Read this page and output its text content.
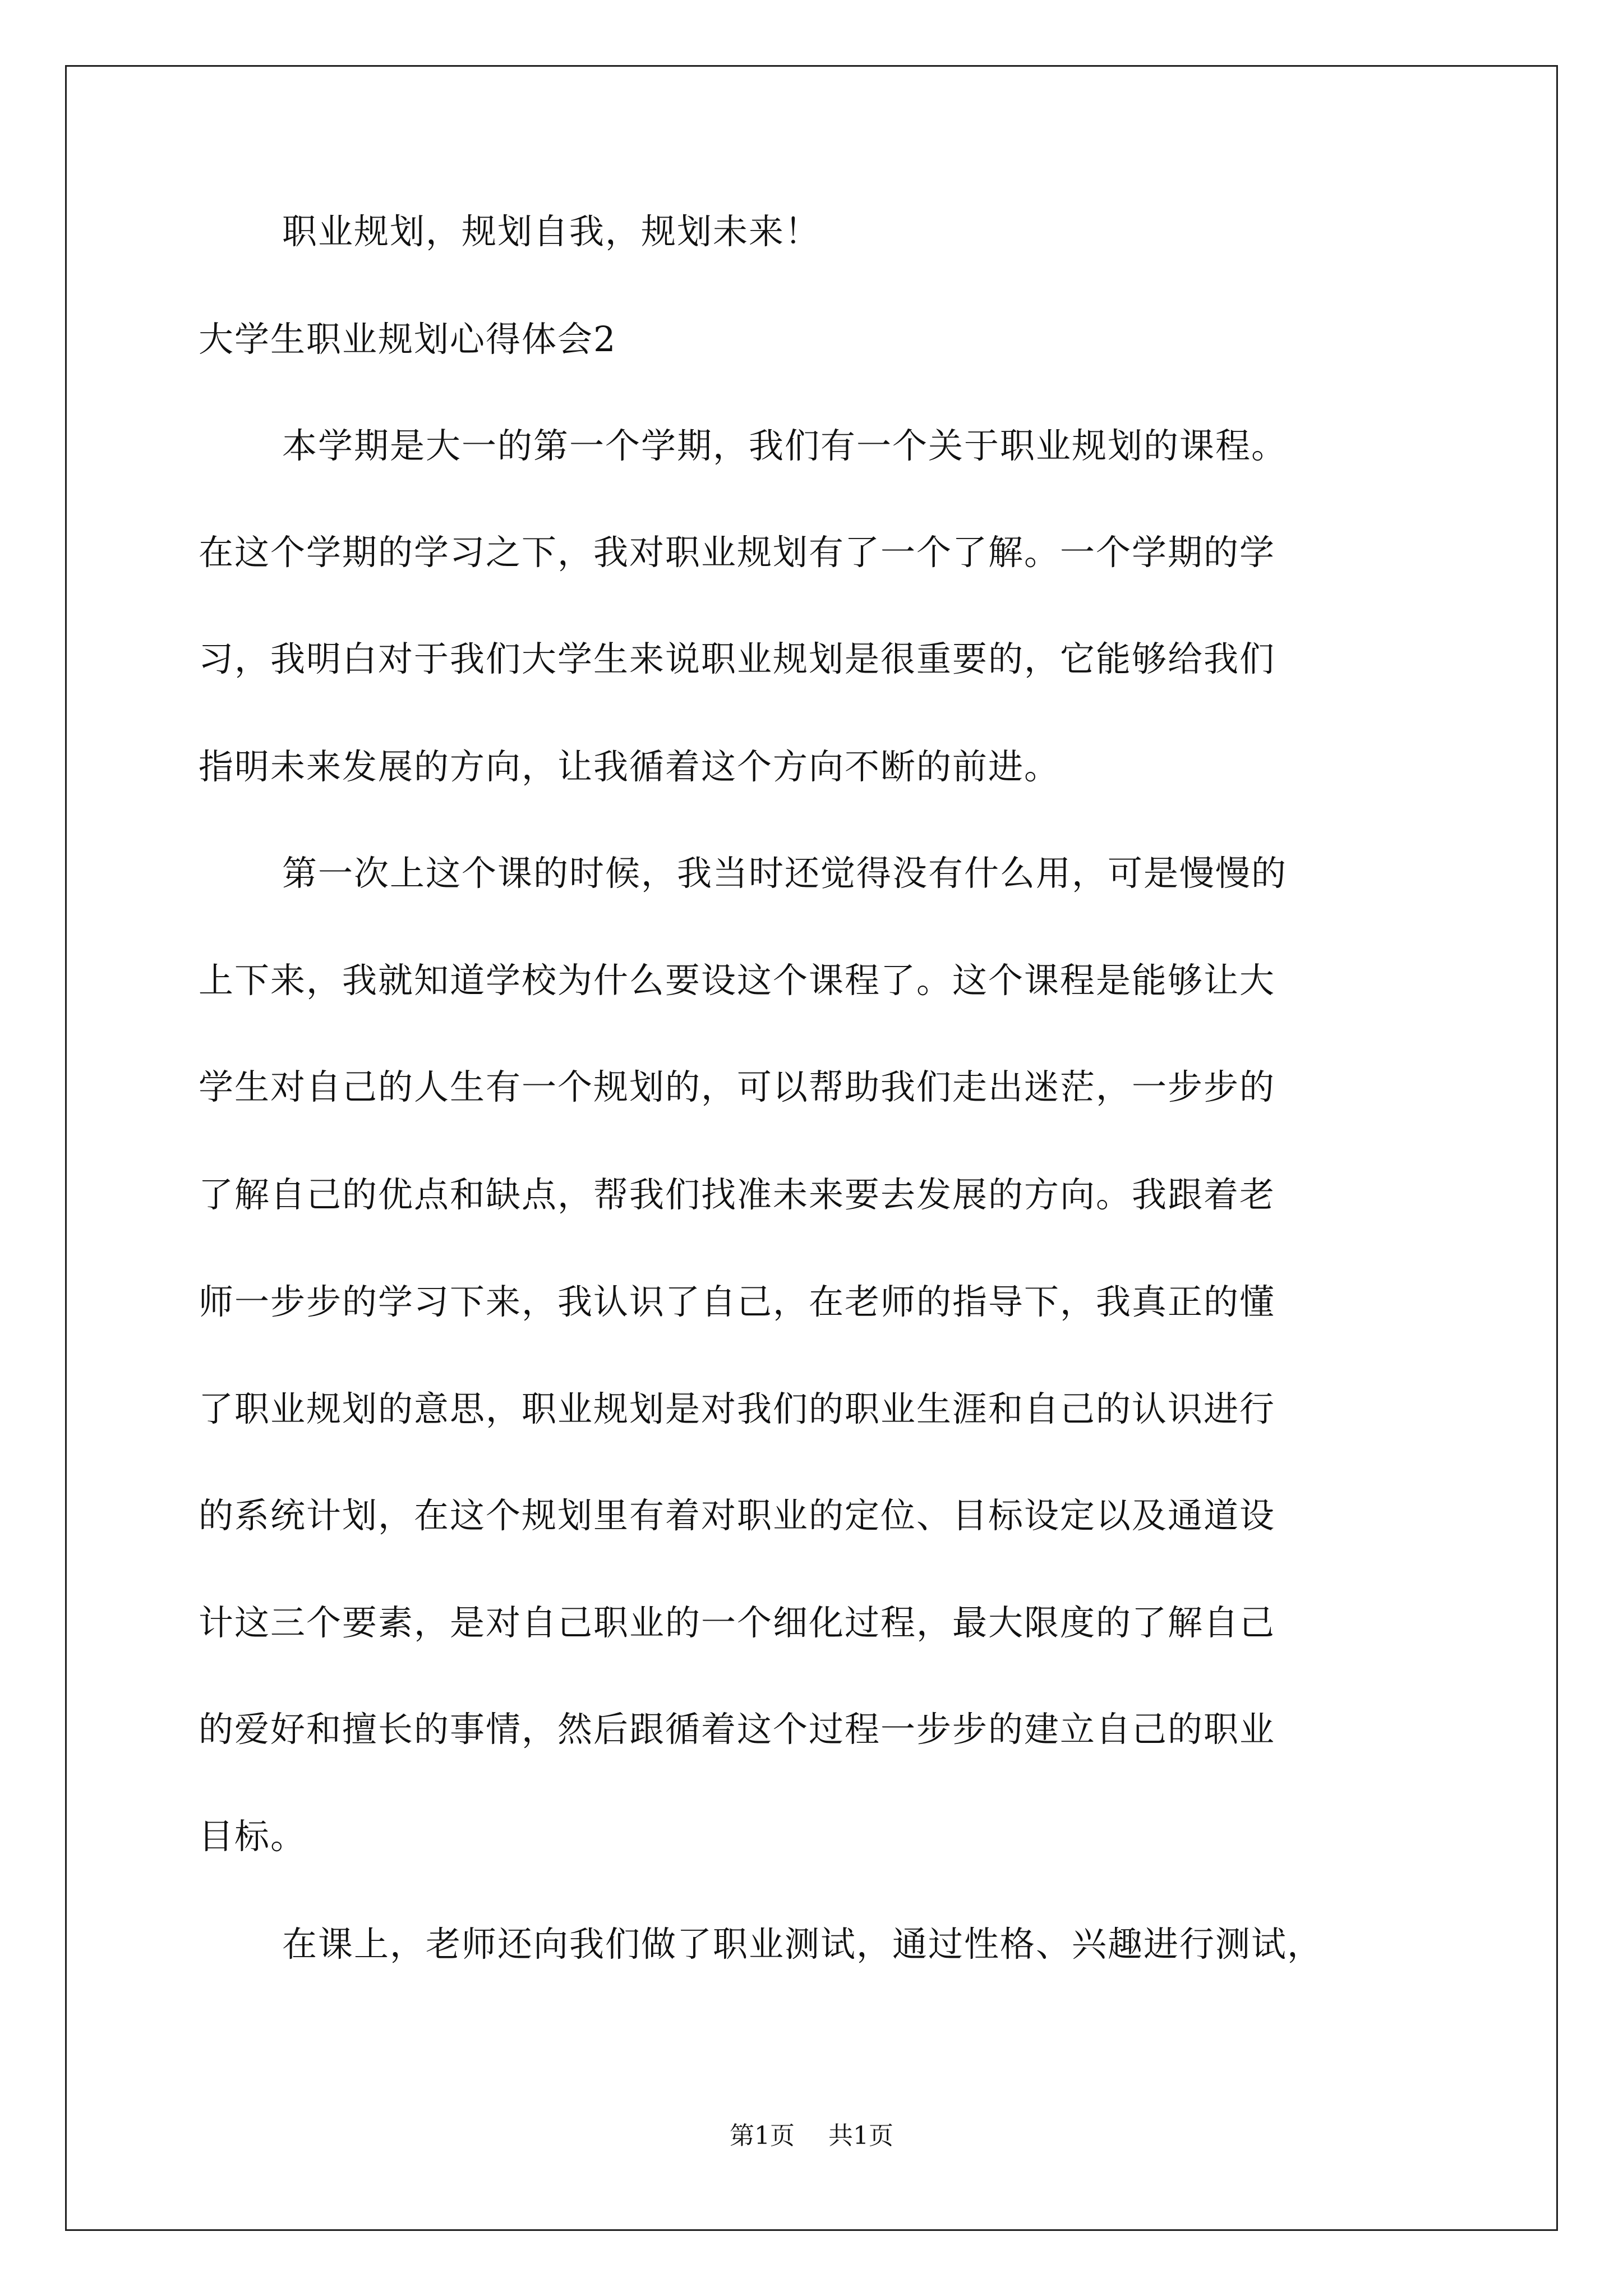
职业规划，规划自我，规划未来！

大学生职业规划心得体会2

本学期是大一的第一个学期，我们有一个关于职业规划的课程。

在这个学期的学习之下，我对职业规划有了一个了解。一个学期的学

习，我明白对于我们大学生来说职业规划是很重要的，它能够给我们

指明未来发展的方向，让我循着这个方向不断的前进。

第一次上这个课的时候，我当时还觉得没有什么用，可是慢慢的

上下来，我就知道学校为什么要设这个课程了。这个课程是能够让大

学生对自己的人生有一个规划的，可以帮助我们走出迷茫，一步步的

了解自己的优点和缺点，帮我们找准未来要去发展的方向。我跟着老

师一步步的学习下来，我认识了自己，在老师的指导下，我真正的懂

了职业规划的意思，职业规划是对我们的职业生涯和自己的认识进行

的系统计划，在这个规划里有着对职业的定位、目标设定以及通道设

计这三个要素，是对自己职业的一个细化过程，最大限度的了解自己

的爱好和擅长的事情，然后跟循着这个过程一步步的建立自己的职业

目标。

在课上，老师还向我们做了职业测试，通过性格、兴趣进行测试，

第1页 共1页
